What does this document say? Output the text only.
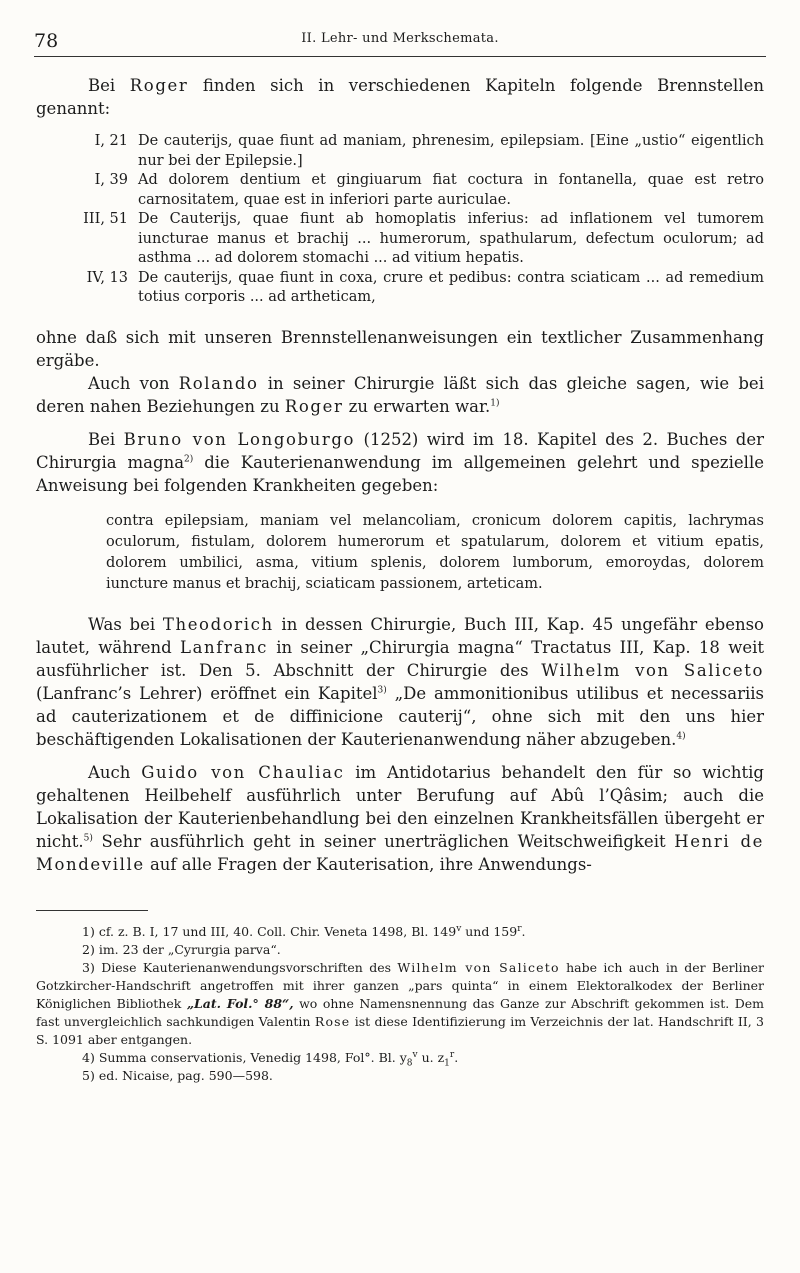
78	II. Lehr- und Merkschemata.

Bei Roger finden sich in verschiedenen Kapiteln folgende Brennstellen genannt:

I, 21 De cauterijs, quae fiunt ad maniam, phrenesim, epilepsiam. [Eine „ustio“ eigentlich nur bei der Epilepsie.]
I, 39 Ad dolorem dentium et gingiuarum fiat coctura in fontanella, quae est retro carnositatem, quae est in inferiori parte auriculae.
III, 51 De Cauterijs, quae fiunt ab homoplatis inferius: ad inflationem vel tumorem iuncturae manus et brachij ... humerorum, spathularum, defectum oculorum; ad asthma ... ad dolorem stomachi ... ad vitium hepatis.
IV, 13 De cauterijs, quae fiunt in coxa, crure et pedibus: contra sciaticam ... ad remedium totius corporis ... ad artheticam,

ohne daß sich mit unseren Brennstellenanweisungen ein textlicher Zusammenhang ergäbe.

Auch von Rolando in seiner Chirurgie läßt sich das gleiche sagen, wie bei deren nahen Beziehungen zu Roger zu erwarten war.$^{1)}$

Bei Bruno von Longoburgo (1252) wird im 18. Kapitel des 2. Buches der Chirurgia magna$^{2)}$ die Kauterienanwendung im allgemeinen gelehrt und spezielle Anweisung bei folgenden Krankheiten gegeben:

contra epilepsiam, maniam vel melancoliam, cronicum dolorem capitis, lachrymas oculorum, fistulam, dolorem humerorum et spatularum, dolorem et vitium epatis, dolorem umbilici, asma, vitium splenis, dolorem lumborum, emoroydas, dolorem iuncture manus et brachij, sciaticam passionem, arteticam.

Was bei Theodorich in dessen Chirurgie, Buch III, Kap. 45 ungefähr ebenso lautet, während Lanfranc in seiner „Chirurgia magna“ Tractatus III, Kap. 18 weit ausführlicher ist. Den 5. Abschnitt der Chirurgie des Wilhelm von Saliceto (Lanfranc’s Lehrer) eröffnet ein Kapitel$^{3)}$ „De ammonitionibus utilibus et necessariis ad cauterizationem et de diffinicione cauterij“, ohne sich mit den uns hier beschäftigenden Lokalisationen der Kauterienanwendung näher abzugeben.$^{4)}$

Auch Guido von Chauliac im Antidotarius behandelt den für so wichtig gehaltenen Heilbehelf ausführlich unter Berufung auf Abû l’Qâsim; auch die Lokalisation der Kauterienbehandlung bei den einzelnen Krankheitsfällen übergeht er nicht.$^{5)}$ Sehr ausführlich geht in seiner unerträglichen Weitschweifigkeit Henri de Mondeville auf alle Fragen der Kauterisation, ihre Anwendungs-

1) cf. z. B. I, 17 und III, 40. Coll. Chir. Veneta 1498, Bl. 149$^v$ und 159$^r$.
2) im. 23 der „Cyrurgia parva“.
3) Diese Kauterienanwendungsvorschriften des Wilhelm von Saliceto habe ich auch in der Berliner Gotzkircher-Handschrift angetroffen mit ihrer ganzen „pars quinta“ in einem Elektoralkodex der Berliner Königlichen Bibliothek „Lat. Fol.° 88“, wo ohne Namensnennung das Ganze zur Abschrift gekommen ist. Dem fast unvergleichlich sachkundigen Valentin Rose ist diese Identifizierung im Verzeichnis der lat. Handschrift II, 3 S. 1091 aber entgangen.
4) Summa conservationis, Venedig 1498, Fol°. Bl. $y_8^v$ u. $z_1^r$.
5) ed. Nicaise, pag. 590—598.
